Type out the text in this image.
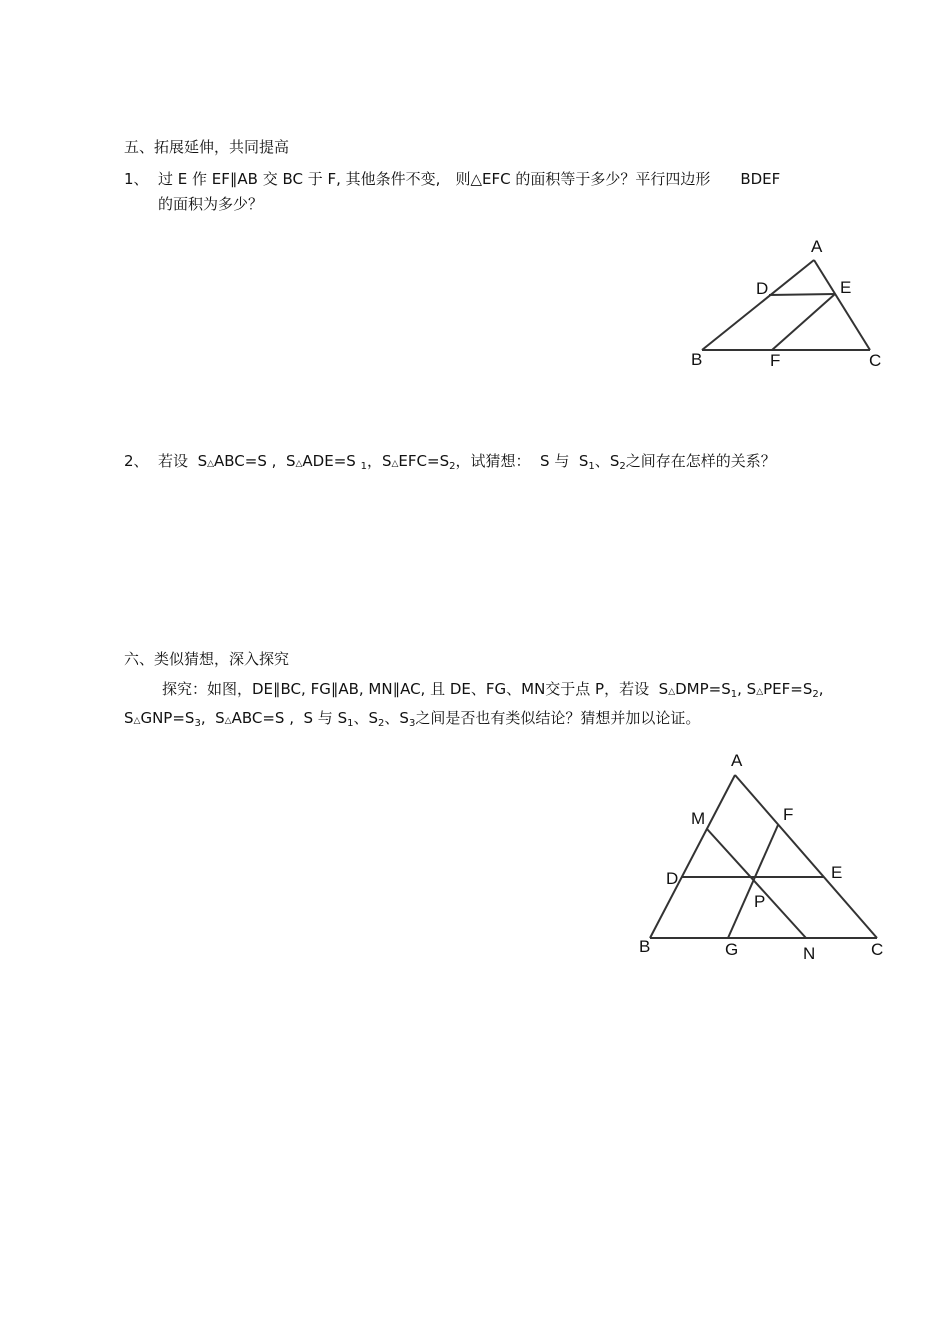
五、拓展延伸，共同提高
1、 过 E 作 EF∥AB 交 BC 于 F, 其他条件不变,　则△EFC 的面积等于多少？平行四边形　　BDEF
的面积为多少？
A
D	E
B	F	C
2、 若设 S△ABC=S ,  S△ADE=S $_1$，$S\triangle EFC=S_2$，试猜想： S 与 $S_1$、$S_2$之间存在怎样的关系？
六、类似猜想，深入探究
探究：如图，DE∥BC, FG∥AB, MN∥AC, 且 DE、FG、MN交于点 P，若设 $S\triangle DMP=S_1$, $S\triangle PEF=S_2$,
$S\triangle GNP=S_3$,  S△ABC=S ,  S 与 $S_1$、$S_2$、$S_3$之间是否也有类似结论？猜想并加以论证。
A
M	F
D	E
P
B	G	N	C
